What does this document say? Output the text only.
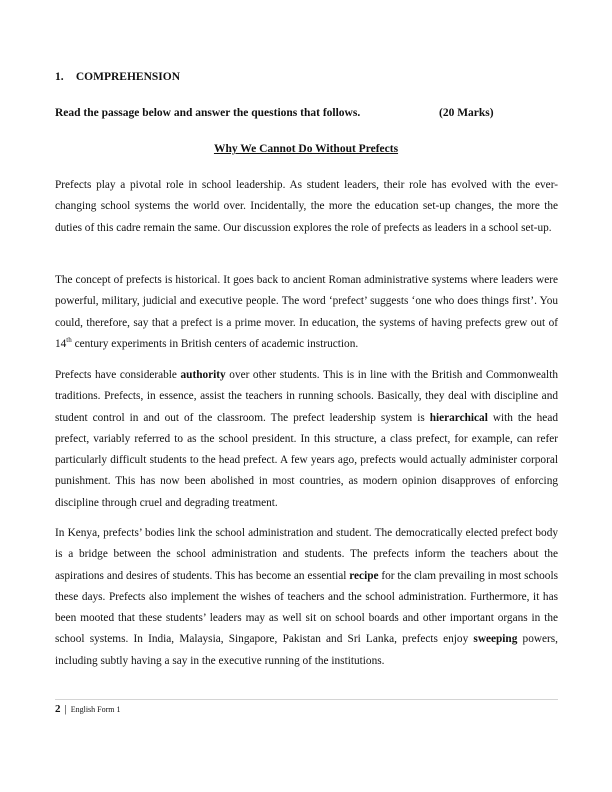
1. COMPREHENSION
Read the passage below and answer the questions that follows.	(20 Marks)
Why We Cannot Do Without Prefects

Prefects play a pivotal role in school leadership. As student leaders, their role has evolved with the ever-changing school systems the world over. Incidentally, the more the education set-up changes, the more the duties of this cadre remain the same. Our discussion explores the role of prefects as leaders in a school set-up.

The concept of prefects is historical. It goes back to ancient Roman administrative systems where leaders were powerful, military, judicial and executive people. The word ‘prefect’ suggests ‘one who does things first’. You could, therefore, say that a prefect is a prime mover. In education, the systems of having prefects grew out of 14th century experiments in British centers of academic instruction.

Prefects have considerable authority over other students. This is in line with the British and Commonwealth traditions. Prefects, in essence, assist the teachers in running schools. Basically, they deal with discipline and student control in and out of the classroom. The prefect leadership system is hierarchical with the head prefect, variably referred to as the school president. In this structure, a class prefect, for example, can refer particularly difficult students to the head prefect. A few years ago, prefects would actually administer corporal punishment. This has now been abolished in most countries, as modern opinion disapproves of enforcing discipline through cruel and degrading treatment.

In Kenya, prefects’ bodies link the school administration and student. The democratically elected prefect body is a bridge between the school administration and students. The prefects inform the teachers about the aspirations and desires of students. This has become an essential recipe for the clam prevailing in most schools these days. Prefects also implement the wishes of teachers and the school administration. Furthermore, it has been mooted that these students’ leaders may as well sit on school boards and other important organs in the school systems. In India, Malaysia, Singapore, Pakistan and Sri Lanka, prefects enjoy sweeping powers, including subtly having a say in the executive running of the institutions.

2 | English Form 1
